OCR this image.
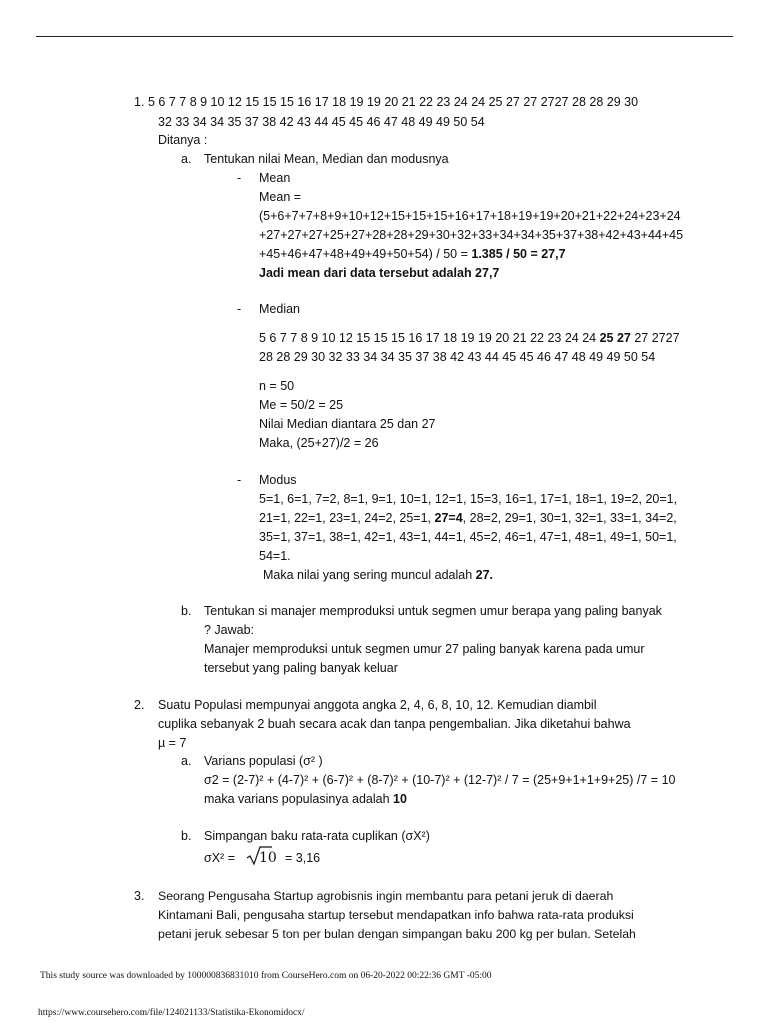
1. 5 6 7 7 8 9 10 12 15 15 15 16 17 18 19 19 20 21 22 23 24 24 25 27 27 2727 28 28 29 30
32 33 34 34 35 37 38 42 43 44 45 45 46 47 48 49 49 50 54
Ditanya :
a. Tentukan nilai Mean, Median dan modusnya
- Mean
Mean =
(5+6+7+7+8+9+10+12+15+15+15+16+17+18+19+19+20+21+22+24+23+24
+27+27+27+25+27+28+28+29+30+32+33+34+34+35+37+38+42+43+44+45
+45+46+47+48+49+49+50+54) / 50 = 1.385 / 50 = 27,7
Jadi mean dari data tersebut adalah 27,7
- Median
5 6 7 7 8 9 10 12 15 15 15 16 17 18 19 19 20 21 22 23 24 24 25 27 27 2727
28 28 29 30 32 33 34 34 35 37 38 42 43 44 45 45 46 47 48 49 49 50 54
n = 50
Me = 50/2 = 25
Nilai Median diantara 25 dan 27
Maka, (25+27)/2 = 26
- Modus
5=1, 6=1, 7=2, 8=1, 9=1, 10=1, 12=1, 15=3, 16=1, 17=1, 18=1, 19=2, 20=1,
21=1, 22=1, 23=1, 24=2, 25=1, 27=4, 28=2, 29=1, 30=1, 32=1, 33=1, 34=2,
35=1, 37=1, 38=1, 42=1, 43=1, 44=1, 45=2, 46=1, 47=1, 48=1, 49=1, 50=1,
54=1.
Maka nilai yang sering muncul adalah 27.
b. Tentukan si manajer memproduksi untuk segmen umur berapa yang paling banyak
? Jawab:
Manajer memproduksi untuk segmen umur 27 paling banyak karena pada umur
tersebut yang paling banyak keluar
2. Suatu Populasi mempunyai anggota angka 2, 4, 6, 8, 10, 12. Kemudian diambil
cuplika sebanyak 2 buah secara acak dan tanpa pengembalian. Jika diketahui bahwa
µ = 7
a. Varians populasi (σ² )
σ2 = (2-7)² + (4-7)² + (6-7)² + (8-7)² + (10-7)² + (12-7)² / 7 = (25+9+1+1+9+25) /7 = 10
maka varians populasinya adalah 10
b. Simpangan baku rata-rata cuplikan (σX²)
σX² = 10 = 3,16
3. Seorang Pengusaha Startup agrobisnis ingin membantu para petani jeruk di daerah
Kintamani Bali, pengusaha startup tersebut mendapatkan info bahwa rata-rata produksi
petani jeruk sebesar 5 ton per bulan dengan simpangan baku 200 kg per bulan. Setelah
This study source was downloaded by 100000836831010 from CourseHero.com on 06-20-2022 00:22:36 GMT -05:00
https://www.coursehero.com/file/124021133/Statistika-Ekonomidocx/
